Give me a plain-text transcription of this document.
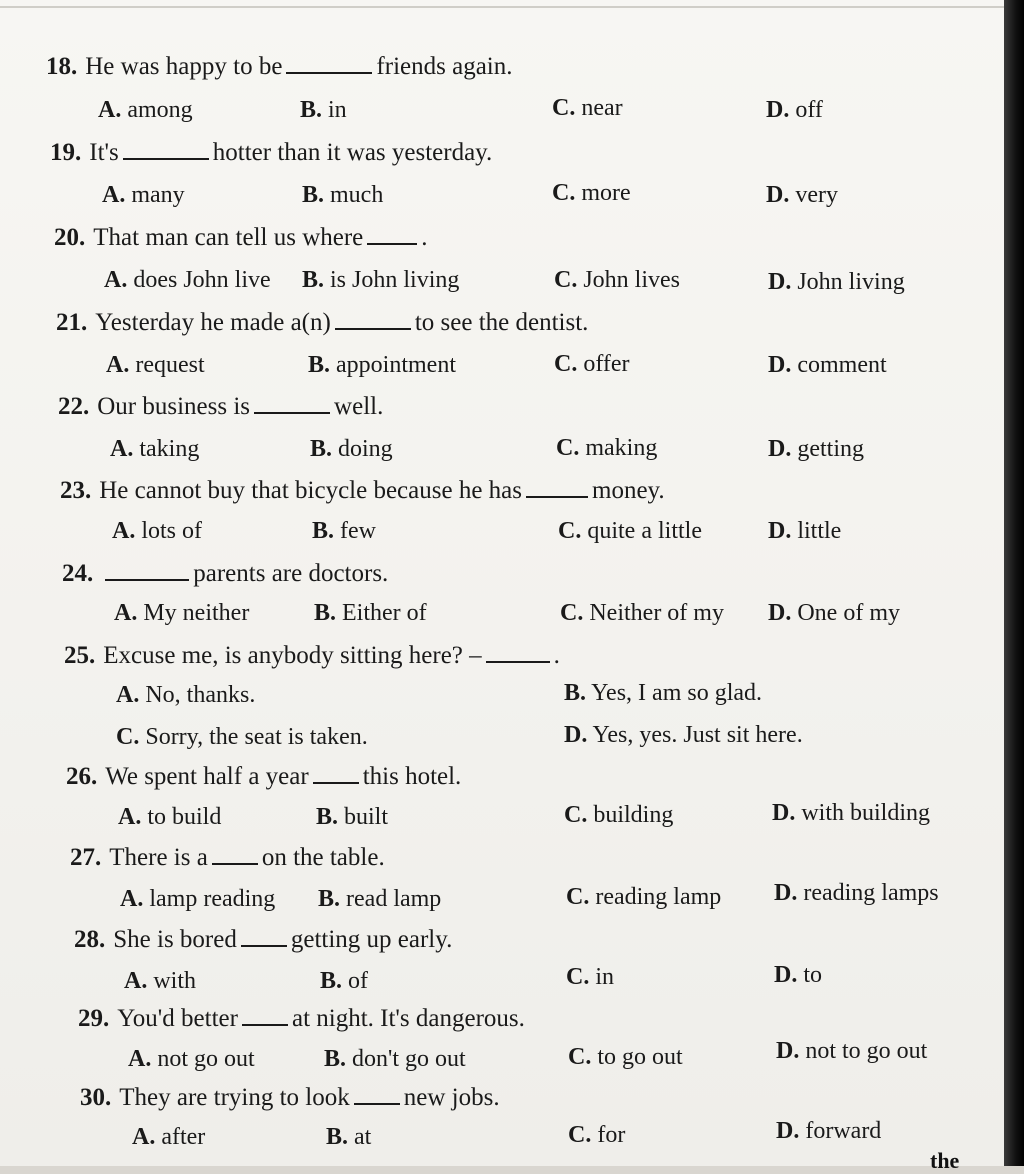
18. He was happy to be	friends again.
A. among	B. in	C. near	D. off
19. It's	hotter than it was yesterday.
A. many	B. much	C. more	D. very
20. That man can tell us where .
A. does John live B. is John living	C. John lives	D. John living
21. Yesterday he made a(n)	to see the dentist.
A. request	B. appointment	C. offer	D. comment
22. Our business is	well.
A. taking	B. doing	C. making	D. getting
23. He cannot buy that bicycle because he has	money.
A. lots of	B. few	C. quite a little	D. little
24.	parents are doctors.
A. My neither	B. Either of	C. Neither of my D. One of my
25. Excuse me, is anybody sitting here? –	.
A. No, thanks.	B. Yes, I am so glad.
C. Sorry, the seat is taken.	D. Yes, yes. Just sit here.
26. We spent half a year this hotel.
A. to build	B. built	C. building	D. with building
27. There is a on the table.
A. lamp reading B. read lamp	C. reading lamp D. reading lamps
28. She is bored getting up early.
A. with	B. of	C. in	D. to
29. You'd better at night. It's dangerous.
A. not go out	B. don't go out	C. to go out	D. not to go out
30. They are trying to look new jobs.
A. after	B. at	C. for	D. forward
the
